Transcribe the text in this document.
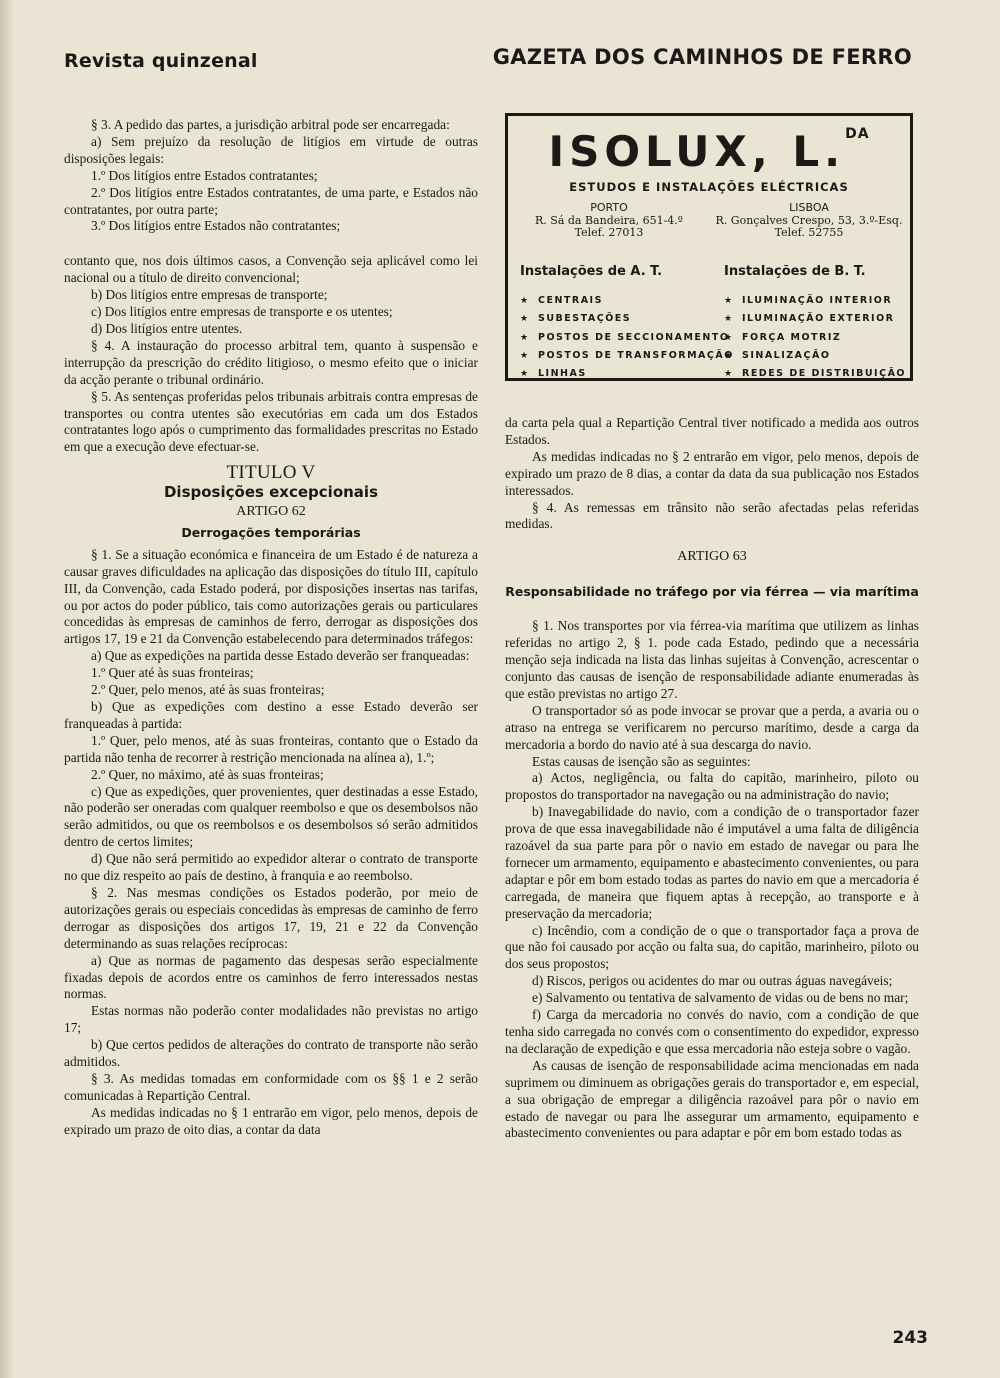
Revista quinzenal	GAZETA DOS CAMINHOS DE FERRO

§ 3. A pedido das partes, a jurisdição arbitral pode ser encarregada:

a) Sem prejuízo da resolução de litígios em virtude de outras disposições legais:

1.º Dos litígios entre Estados contratantes;

2.º Dos litígios entre Estados contratantes, de uma parte, e Estados não contratantes, por outra parte;

3.º Dos litígios entre Estados não contratantes;

contanto que, nos dois últimos casos, a Convenção seja aplicável como lei nacional ou a título de direito convencional;

b) Dos litígios entre empresas de transporte;

c) Dos litígios entre empresas de transporte e os utentes;

d) Dos litígios entre utentes.

§ 4. A instauração do processo arbitral tem, quanto à suspensão e interrupção da prescrição do crédito litigioso, o mesmo efeito que o iniciar da acção perante o tribunal ordinário.

§ 5. As sentenças proferidas pelos tribunais arbitrais contra empresas de transportes ou contra utentes são executórias em cada um dos Estados contratantes logo após o cumprimento das formalidades prescritas no Estado em que a execução deve efectuar-se.

TITULO V
Disposições excepcionais
ARTIGO 62
Derrogações temporárias

§ 1. Se a situação económica e financeira de um Estado é de natureza a causar graves dificuldades na aplicação das disposições do título III, capítulo III, da Convenção, cada Estado poderá, por disposições insertas nas tarifas, ou por actos do poder público, tais como autorizações gerais ou particulares concedidas às empresas de caminhos de ferro, derrogar as disposições dos artigos 17, 19 e 21 da Convenção estabelecendo para determinados tráfegos:

a) Que as expedições na partida desse Estado deverão ser franqueadas:

1.º Quer até às suas fronteiras;

2.º Quer, pelo menos, até às suas fronteiras;

b) Que as expedições com destino a esse Estado deverão ser franqueadas à partida:

1.º Quer, pelo menos, até às suas fronteiras, contanto que o Estado da partida não tenha de recorrer à restrição mencionada na alínea a), 1.º;

2.º Quer, no máximo, até às suas fronteiras;

c) Que as expedições, quer provenientes, quer destinadas a esse Estado, não poderão ser oneradas com qualquer reembolso e que os desembolsos não serão admitidos, ou que os reembolsos e os desembolsos só serão admitidos dentro de certos limites;

d) Que não será permitido ao expedidor alterar o contrato de transporte no que diz respeito ao país de destino, à franquia e ao reembolso.

§ 2. Nas mesmas condições os Estados poderão, por meio de autorizações gerais ou especiais concedidas às empresas de caminho de ferro derrogar as disposições dos artigos 17, 19, 21 e 22 da Convenção determinando as suas relações recíprocas:

a) Que as normas de pagamento das despesas serão especialmente fixadas depois de acordos entre os caminhos de ferro interessados nestas normas.

Estas normas não poderão conter modalidades não previstas no artigo 17;

b) Que certos pedidos de alterações do contrato de transporte não serão admitidos.

§ 3. As medidas tomadas em conformidade com os §§ 1 e 2 serão comunicadas à Repartição Central.

As medidas indicadas no § 1 entrarão em vigor, pelo menos, depois de expirado um prazo de oito dias, a contar da data

ISOLUX, L.$^{DA}$
ESTUDOS E INSTALAÇÕES ELÉCTRICAS
PORTO
R. Sá da Bandeira, 651-4.º
Telef. 27013
LISBOA
R. Gonçalves Crespo, 53, 3.º-Esq.
Telef. 52755
Instalações de A. T.	Instalações de B. T.
★ CENTRAIS
★ SUBESTAÇÕES
★ POSTOS DE SECCIONAMENTO
★ POSTOS DE TRANSFORMAÇÃO
★ LINHAS
★ ILUMINAÇÃO INTERIOR
★ ILUMINAÇÃO EXTERIOR
★ FORÇA MOTRIZ
★ SINALIZAÇÃO
★ REDES DE DISTRIBUIÇÃO

da carta pela qual a Repartição Central tiver notificado a medida aos outros Estados.

As medidas indicadas no § 2 entrarão em vigor, pelo menos, depois de expirado um prazo de 8 dias, a contar da data da sua publicação nos Estados interessados.

§ 4. As remessas em trânsito não serão afectadas pelas referidas medidas.

ARTIGO 63
Responsabilidade no tráfego por via férrea — via marítima

§ 1. Nos transportes por via férrea-via marítima que utilizem as linhas referidas no artigo 2, § 1. pode cada Estado, pedindo que a necessária menção seja indicada na lista das linhas sujeitas à Convenção, acrescentar o conjunto das causas de isenção de responsabilidade adiante enumeradas às que estão previstas no artigo 27.

O transportador só as pode invocar se provar que a perda, a avaria ou o atraso na entrega se verificarem no percurso marítimo, desde a carga da mercadoria a bordo do navio até à sua descarga do navio.

Estas causas de isenção são as seguintes:

a) Actos, negligência, ou falta do capitão, marinheiro, piloto ou propostos do transportador na navegação ou na administração do navio;

b) Inavegabilidade do navio, com a condição de o transportador fazer prova de que essa inavegabilidade não é imputável a uma falta de diligência razoável da sua parte para pôr o navio em estado de navegar ou para lhe fornecer um armamento, equipamento e abastecimento convenientes, ou para adaptar e pôr em bom estado todas as partes do navio em que a mercadoria é carregada, de maneira que fiquem aptas à recepção, ao transporte e à preservação da mercadoria;

c) Incêndio, com a condição de o que o transportador faça a prova de que não foi causado por acção ou falta sua, do capitão, marinheiro, piloto ou dos seus propostos;

d) Riscos, perigos ou acidentes do mar ou outras águas navegáveis;

e) Salvamento ou tentativa de salvamento de vidas ou de bens no mar;

f) Carga da mercadoria no convés do navio, com a condição de que tenha sido carregada no convés com o consentimento do expedidor, expresso na declaração de expedição e que essa mercadoria não esteja sobre o vagão.

As causas de isenção de responsabilidade acima mencionadas em nada suprimem ou diminuem as obrigações gerais do transportador e, em especial, a sua obrigação de empregar a diligência razoável para pôr o navio em estado de navegar ou para lhe assegurar um armamento, equipamento e abastecimento convenientes ou para adaptar e pôr em bom estado todas as

243
